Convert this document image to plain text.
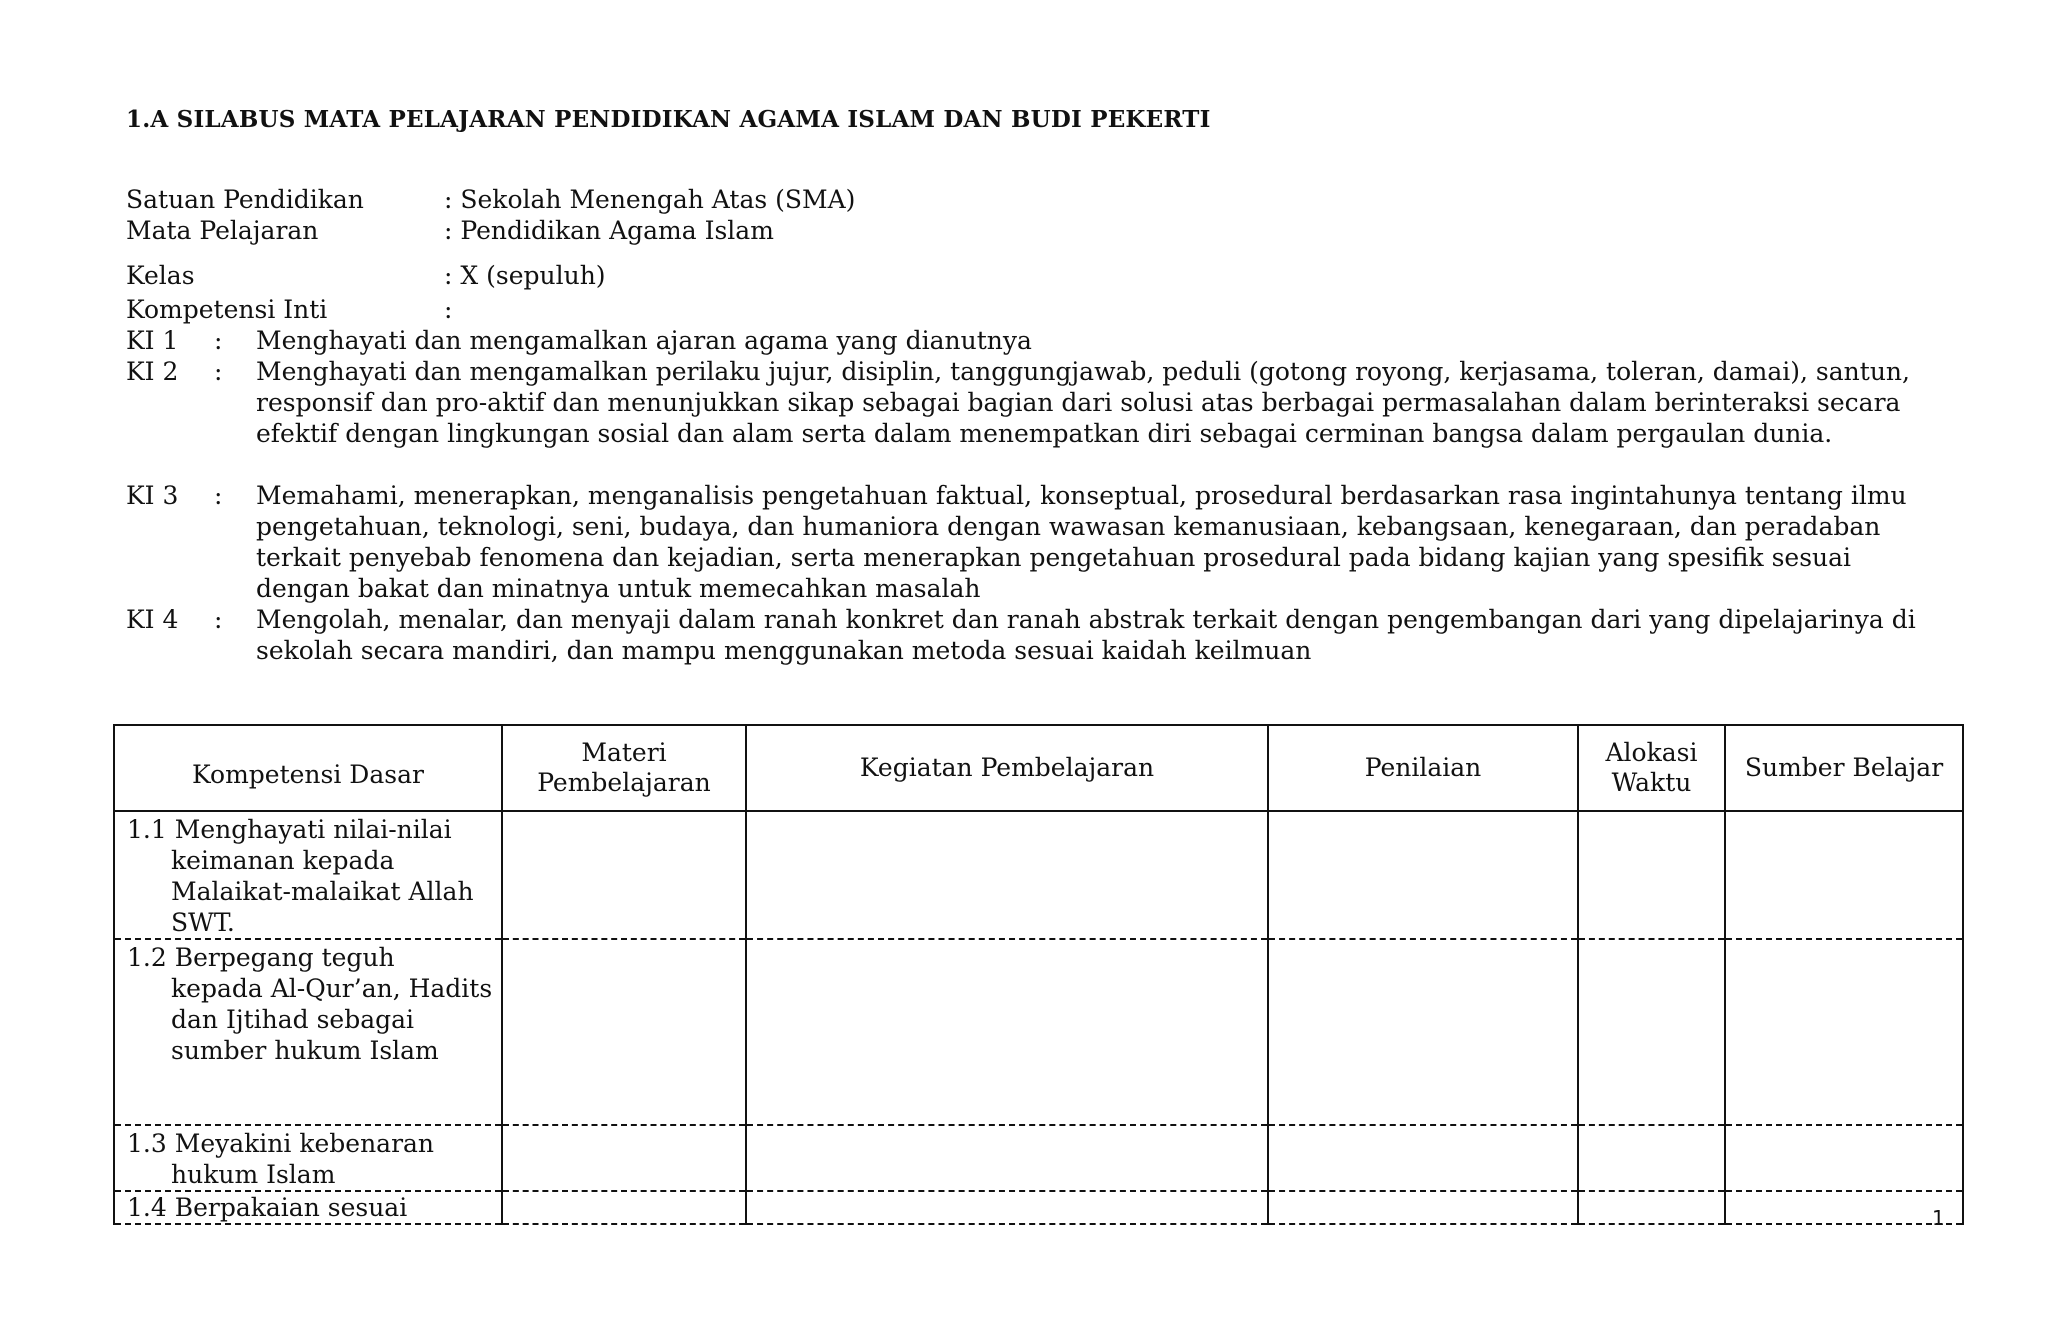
1.A SILABUS MATA PELAJARAN PENDIDIKAN AGAMA ISLAM DAN BUDI PEKERTI
Satuan Pendidikan	: Sekolah Menengah Atas (SMA)
Mata Pelajaran	: Pendidikan Agama Islam
Kelas	: X (sepuluh)
Kompetensi Inti	:
KI 1 : Menghayati dan mengamalkan ajaran agama yang dianutnya
KI 2 : Menghayati dan mengamalkan perilaku jujur, disiplin, tanggungjawab, peduli (gotong royong, kerjasama, toleran, damai), santun, responsif dan pro-aktif dan menunjukkan sikap sebagai bagian dari solusi atas berbagai permasalahan dalam berinteraksi secara efektif dengan lingkungan sosial dan alam serta dalam menempatkan diri sebagai cerminan bangsa dalam pergaulan dunia.
KI 3 : Memahami, menerapkan, menganalisis pengetahuan faktual, konseptual, prosedural berdasarkan rasa ingintahunya tentang ilmu pengetahuan, teknologi, seni, budaya, dan humaniora dengan wawasan kemanusiaan, kebangsaan, kenegaraan, dan peradaban terkait penyebab fenomena dan kejadian, serta menerapkan pengetahuan prosedural pada bidang kajian yang spesifik sesuai dengan bakat dan minatnya untuk memecahkan masalah
KI 4 : Mengolah, menalar, dan menyaji dalam ranah konkret dan ranah abstrak terkait dengan pengembangan dari yang dipelajarinya di sekolah secara mandiri, dan mampu menggunakan metoda sesuai kaidah keilmuan
Kompetensi Dasar	Materi Pembelajaran	Kegiatan Pembelajaran	Penilaian	Alokasi Waktu	Sumber Belajar

1.1 Menghayati nilai-nilai
keimanan kepada Malaikat-malaikat Allah SWT.					

1.2 Berpegang teguh
kepada Al-Qur’an, Hadits dan Ijtihad sebagai sumber hukum Islam					

1.3 Meyakini kebenaran
hukum Islam					

1.4 Berpakaian sesuai					
						1
